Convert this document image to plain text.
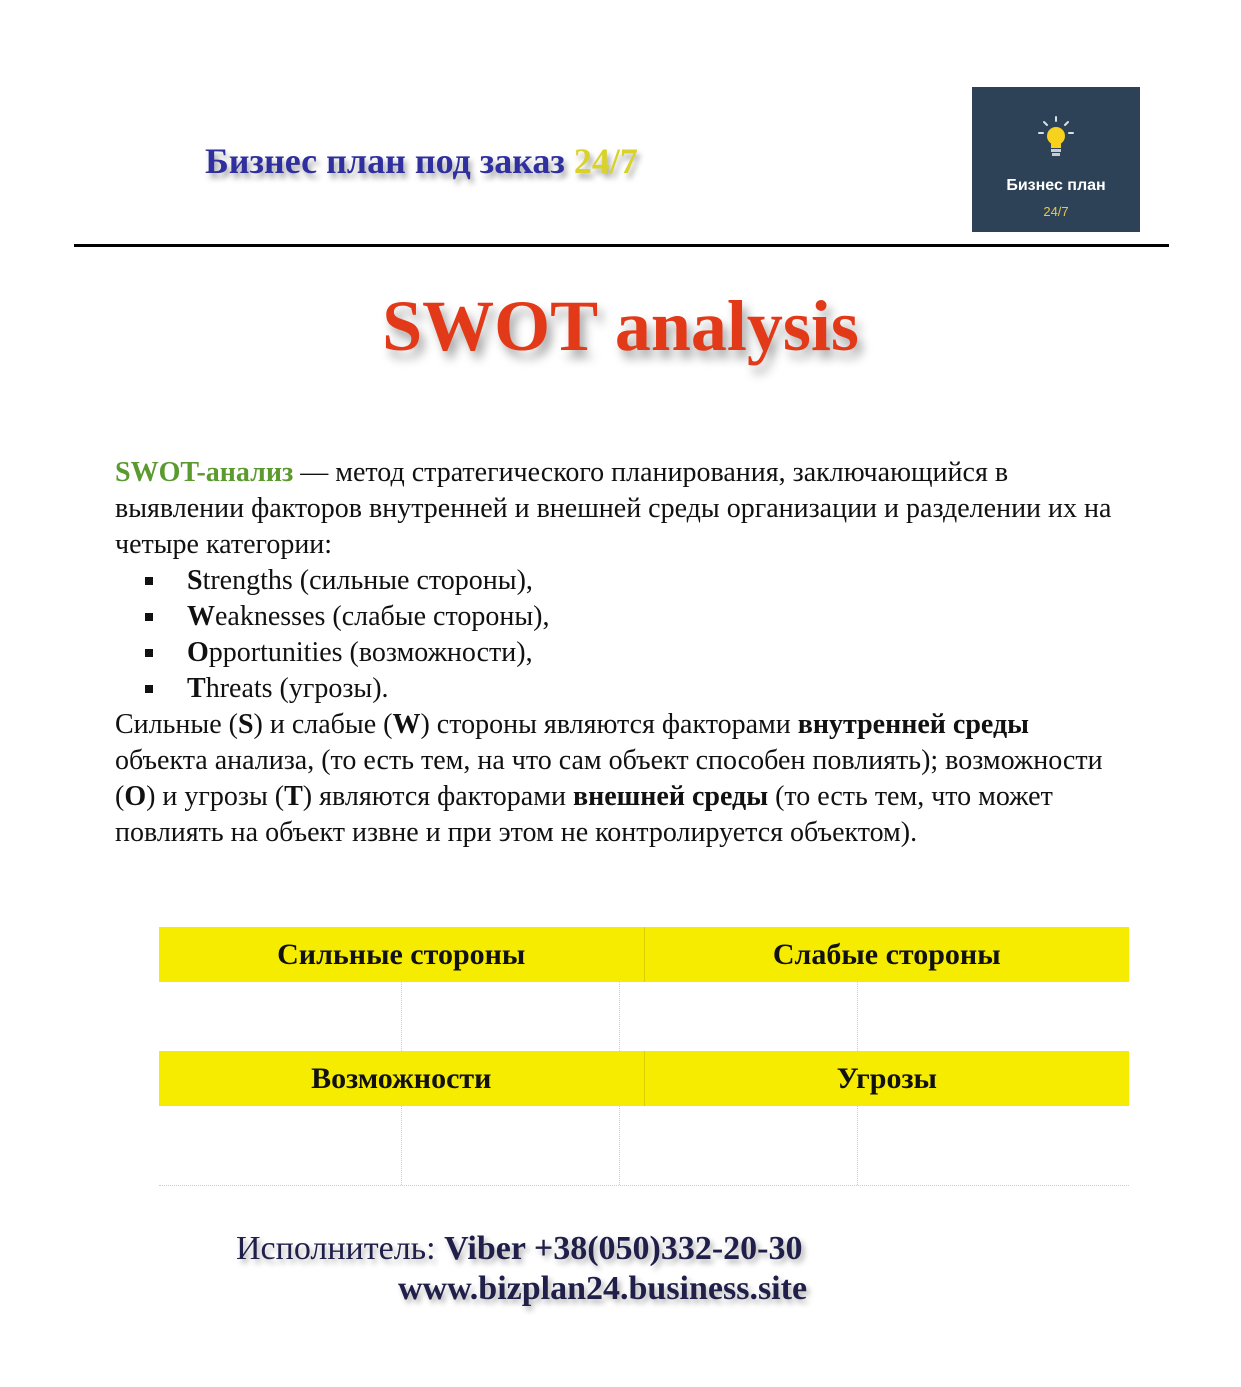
Бизнес план под заказ 24/7
Бизнес план
24/7
SWOT analysis

SWOT-анализ — метод стратегического планирования, заключающийся в выявлении факторов внутренней и внешней среды организации и разделении их на четыре категории:

Strengths (сильные стороны),
Weaknesses (слабые стороны),
Opportunities (возможности),
Threats (угрозы).

Сильные (S) и слабые (W) стороны являются факторами внутренней среды объекта анализа, (то есть тем, на что сам объект способен повлиять); возможности (O) и угрозы (T) являются факторами внешней среды (то есть тем, что может повлиять на объект извне и при этом не контролируется объектом).

Сильные стороны	Слабые стороны
Возможности	Угрозы
Исполнитель: Viber +38(050)332-20-30
www.bizplan24.business.site
